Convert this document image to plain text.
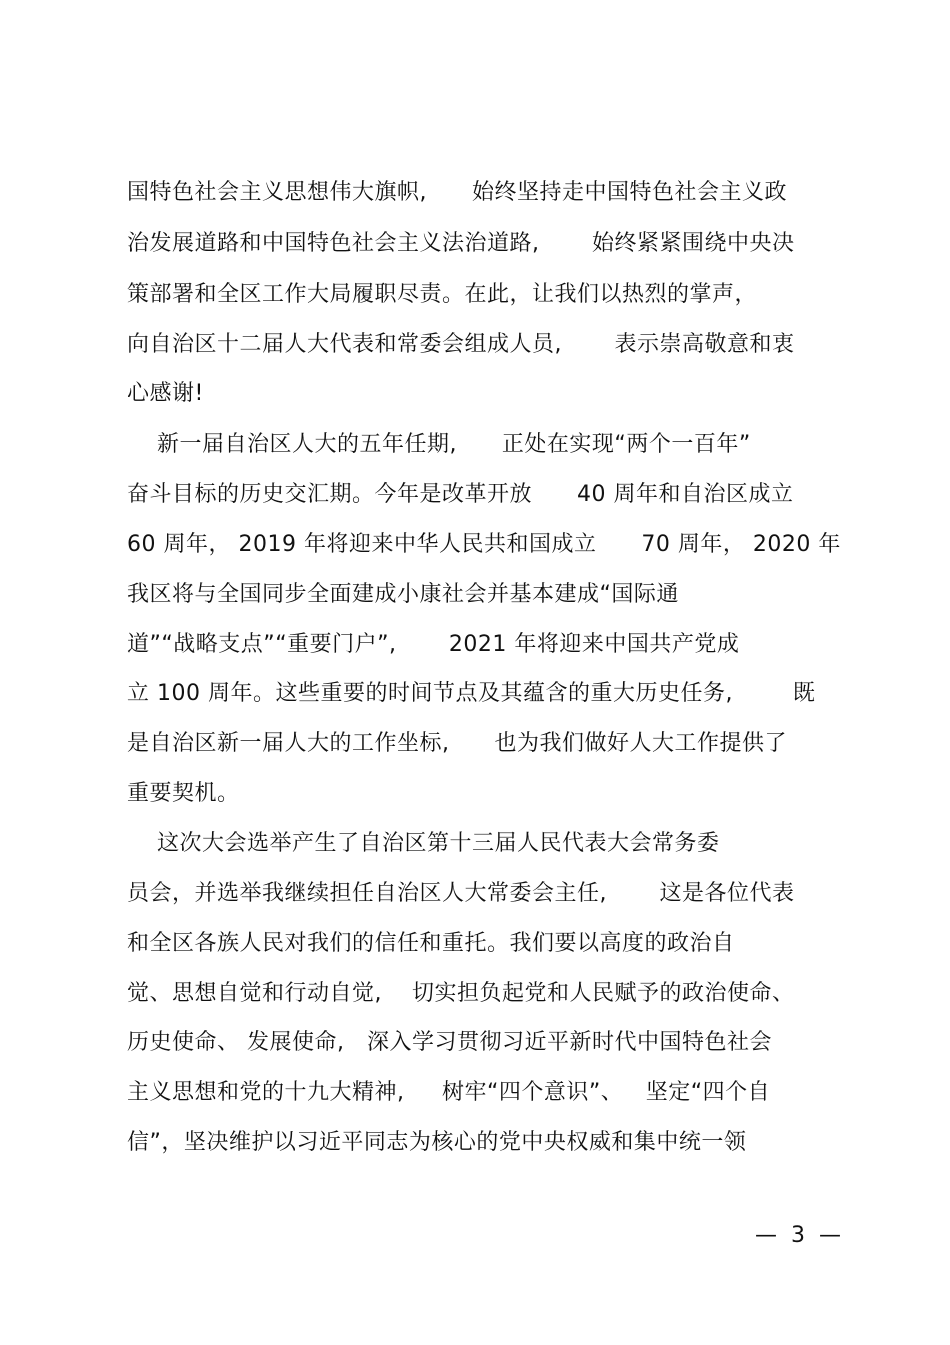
国特色社会主义思想伟大旗帜,      始终坚持走中国特色社会主义政
治发展道路和中国特色社会主义法治道路,       始终紧紧围绕中央决
策部署和全区工作大局履职尽责。在此，让我们以热烈的掌声，
向自治区十二届人大代表和常委会组成人员,       表示崇高敬意和衷
心感谢!
新一届自治区人大的五年任期,      正处在实现“两个一百年”
奋斗目标的历史交汇期。今年是改革开放      40 周年和自治区成立
60 周年， 2019 年将迎来中华人民共和国成立      70 周年， 2020 年
我区将与全国同步全面建成小康社会并基本建成“国际通
道”“战略支点”“重要门户”,       2021 年将迎来中国共产党成
立 100 周年。这些重要的时间节点及其蕴含的重大历史任务,        既
是自治区新一届人大的工作坐标,      也为我们做好人大工作提供了
重要契机。
这次大会选举产生了自治区第十三届人民代表大会常务委
员会，并选举我继续担任自治区人大常委会主任,       这是各位代表
和全区各族人民对我们的信任和重托。我们要以高度的政治自
觉、思想自觉和行动自觉,    切实担负起党和人民赋予的政治使命、
历史使命、 发展使命,   深入学习贯彻习近平新时代中国特色社会
主义思想和党的十九大精神,     树牢“四个意识”、   坚定“四个自
信”，坚决维护以习近平同志为核心的党中央权威和集中统一领
—  3  —
